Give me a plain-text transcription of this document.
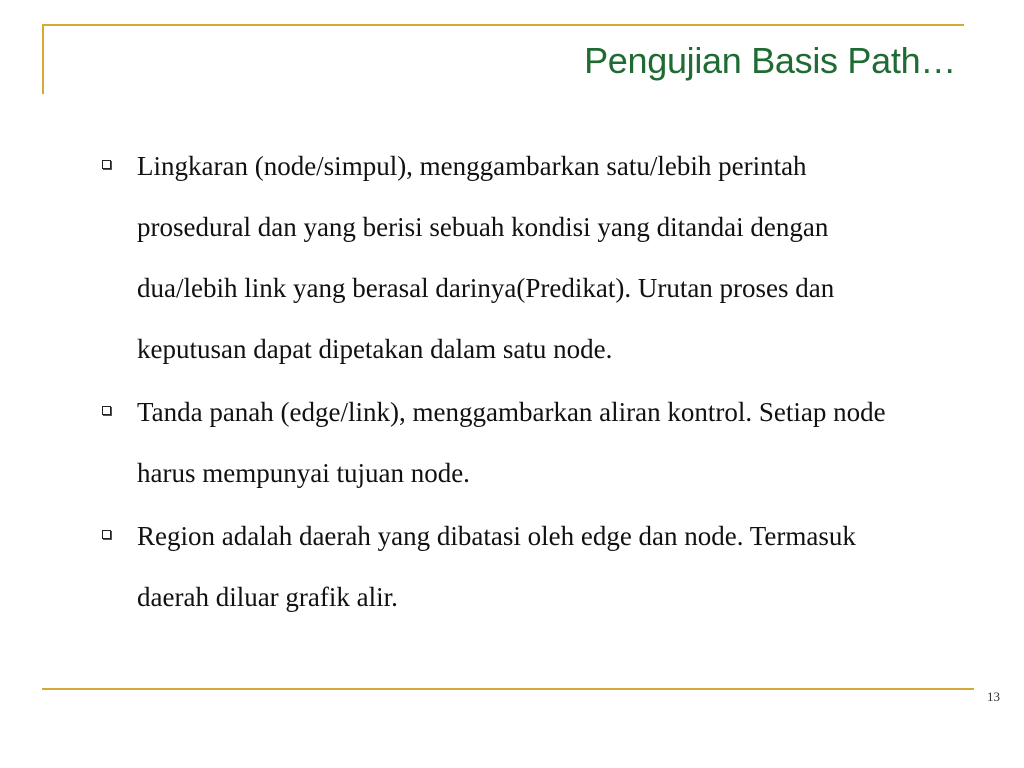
Pengujian Basis Path…
Lingkaran (node/simpul), menggambarkan satu/lebih perintah prosedural dan yang berisi sebuah kondisi yang ditandai dengan dua/lebih link yang berasal darinya(Predikat). Urutan proses dan keputusan dapat dipetakan dalam satu node.
Tanda panah (edge/link), menggambarkan aliran kontrol. Setiap node harus mempunyai tujuan node.
Region adalah daerah yang dibatasi oleh edge dan node. Termasuk daerah diluar grafik alir.
13
